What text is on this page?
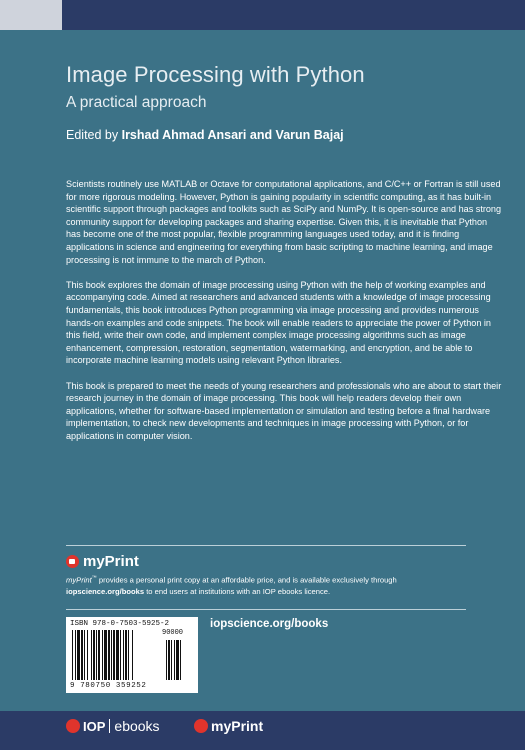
Image Processing with Python
A practical approach
Edited by Irshad Ahmad Ansari and Varun Bajaj

Scientists routinely use MATLAB or Octave for computational applications, and C/C++ or Fortran is still used for more rigorous modeling. However, Python is gaining popularity in scientific computing, as it has built-in scientific support through packages and toolkits such as SciPy and NumPy. It is open-source and has strong community support for developing packages and sharing expertise. Given this, it is inevitable that Python has become one of the most popular, flexible programming languages used today, and it is finding applications in science and engineering for everything from basic scripting to machine learning, and image processing is not immune to the march of Python.

This book explores the domain of image processing using Python with the help of working examples and accompanying code. Aimed at researchers and advanced students with a knowledge of image processing fundamentals, this book introduces Python programming via image processing and provides numerous hands-on examples and code snippets. The book will enable readers to appreciate the power of Python in this field, write their own code, and implement complex image processing algorithms such as image enhancement, compression, restoration, segmentation, watermarking, and encryption, and be able to incorporate machine learning models using relevant Python libraries.

This book is prepared to meet the needs of young researchers and professionals who are about to start their research journey in the domain of image processing. This book will help readers develop their own applications, whether for software-based implementation or simulation and testing before a final hardware implementation, to check new developments and techniques in image processing with Python, or for applications in computer vision.

myPrint
myPrint™ provides a personal print copy at an affordable price, and is available exclusively through
iopscience.org/books to end users at institutions with an IOP ebooks licence.
ISBN 978-0-7503-5925-2
9 780750 359252
90000
iopscience.org/books
IOP ebooks	myPrint
